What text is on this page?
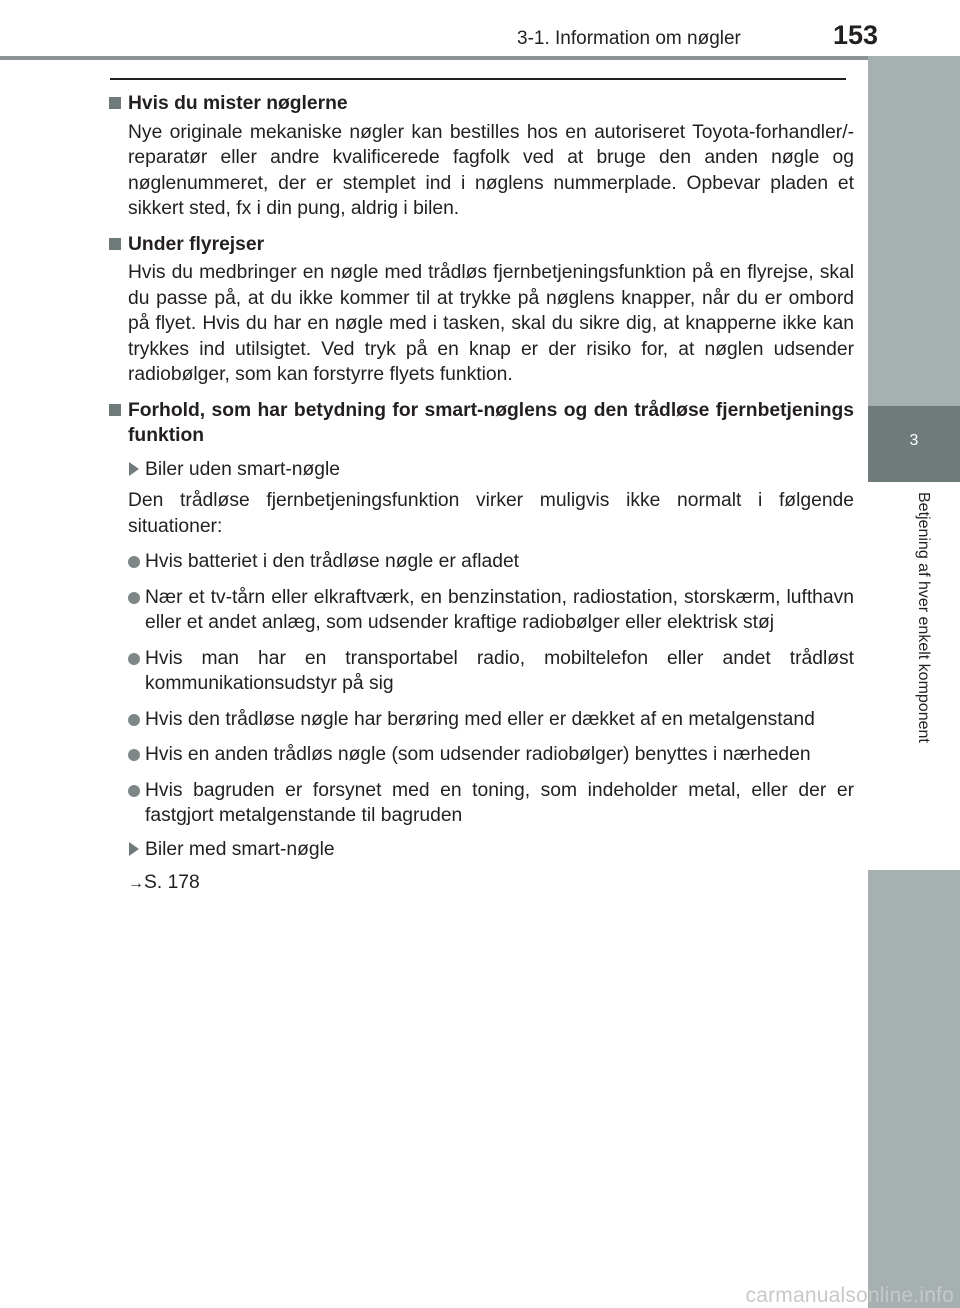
3-1. Information om nøgler	153
3
Betjening af hver enkelt komponent
Hvis du mister nøglerne
Nye originale mekaniske nøgler kan bestilles hos en autoriseret Toyota-forhandler/-reparatør eller andre kvalificerede fagfolk ved at bruge den anden nøgle og nøglenummeret, der er stemplet ind i nøglens nummerplade. Opbevar pladen et sikkert sted, fx i din pung, aldrig i bilen.
Under flyrejser
Hvis du medbringer en nøgle med trådløs fjernbetjeningsfunktion på en flyrejse, skal du passe på, at du ikke kommer til at trykke på nøglens knapper, når du er ombord på flyet. Hvis du har en nøgle med i tasken, skal du sikre dig, at knapperne ikke kan trykkes ind utilsigtet. Ved tryk på en knap er der risiko for, at nøglen udsender radiobølger, som kan forstyrre flyets funktion.
Forhold, som har betydning for smart-nøglens og den trådløse fjernbetjenings funktion
Biler uden smart-nøgle
Den trådløse fjernbetjeningsfunktion virker muligvis ikke normalt i følgende situationer:
Hvis batteriet i den trådløse nøgle er afladet
Nær et tv-tårn eller elkraftværk, en benzinstation, radiostation, storskærm, lufthavn eller et andet anlæg, som udsender kraftige radiobølger eller elektrisk støj
Hvis man har en transportabel radio, mobiltelefon eller andet trådløst kommunikationsudstyr på sig
Hvis den trådløse nøgle har berøring med eller er dækket af en metalgenstand
Hvis en anden trådløs nøgle (som udsender radiobølger) benyttes i nærheden
Hvis bagruden er forsynet med en toning, som indeholder metal, eller der er fastgjort metalgenstande til bagruden
Biler med smart-nøgle
→S. 178
carmanualsonline.info
